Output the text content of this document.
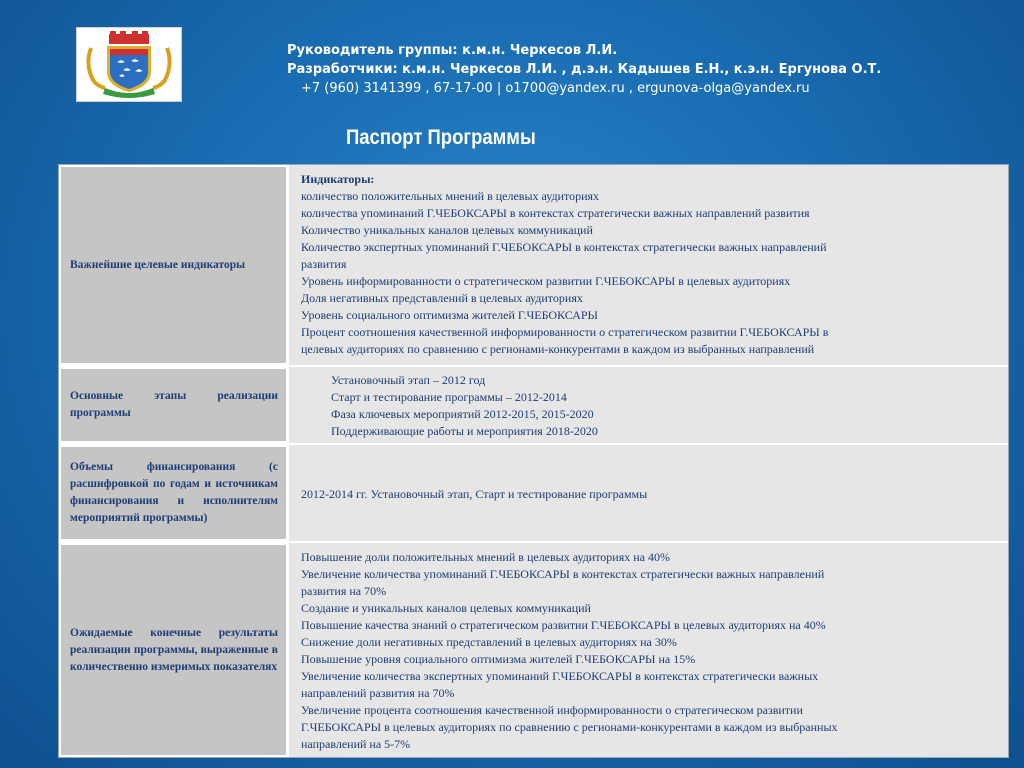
Руководитель группы: к.м.н. Черкесов Л.И.
Разработчики: к.м.н. Черкесов Л.И. , д.э.н. Кадышев Е.Н., к.э.н. Ергунова О.Т.
+7 (960) 3141399 , 67-17-00 | o1700@yandex.ru , ergunova-olga@yandex.ru
Паспорт Программы
Важнейшие целевые индикаторы
Индикаторы:
количество положительных мнений в целевых аудиториях
количества упоминаний Г.ЧЕБОКСАРЫ в контекстах стратегически важных направлений развития
Количество уникальных каналов целевых коммуникаций
Количество экспертных упоминаний Г.ЧЕБОКСАРЫ в контекстах стратегически важных направлений
развития
Уровень информированности о стратегическом развитии Г.ЧЕБОКСАРЫ в целевых аудиториях
Доля негативных представлений в целевых аудиториях
Уровень социального оптимизма жителей Г.ЧЕБОКСАРЫ
Процент соотношения качественной информированности о стратегическом развитии Г.ЧЕБОКСАРЫ в
целевых аудиториях по сравнению с регионами-конкурентами в каждом из выбранных направлений
Основные этапы реализации программы
Установочный этап – 2012 год
Старт и тестирование программы – 2012-2014
Фаза ключевых мероприятий 2012-2015, 2015-2020
Поддерживающие работы и мероприятия 2018-2020
Объемы финансирования (с расшифровкой по годам и источникам финансирования и исполнителям мероприятий программы)
2012-2014 гг. Установочный этап, Старт и тестирование программы
Ожидаемые конечные результаты реализации программы, выраженные в количественно измеримых показателях
Повышение доли положительных мнений в целевых аудиториях на 40%
Увеличение количества упоминаний Г.ЧЕБОКСАРЫ в контекстах стратегически важных направлений
развития на 70%
Создание и уникальных каналов целевых коммуникаций
Повышение качества знаний о стратегическом развитии Г.ЧЕБОКСАРЫ в целевых аудиториях на 40%
Снижение доли негативных представлений в целевых аудиториях на 30%
Повышение уровня социального оптимизма жителей Г.ЧЕБОКСАРЫ на 15%
Увеличение количества экспертных упоминаний Г.ЧЕБОКСАРЫ в контекстах стратегически важных
направлений развития на 70%
Увеличение процента соотношения качественной информированности о стратегическом развитии
Г.ЧЕБОКСАРЫ в целевых аудиториях по сравнению с регионами-конкурентами в каждом из выбранных
направлений на 5-7%
